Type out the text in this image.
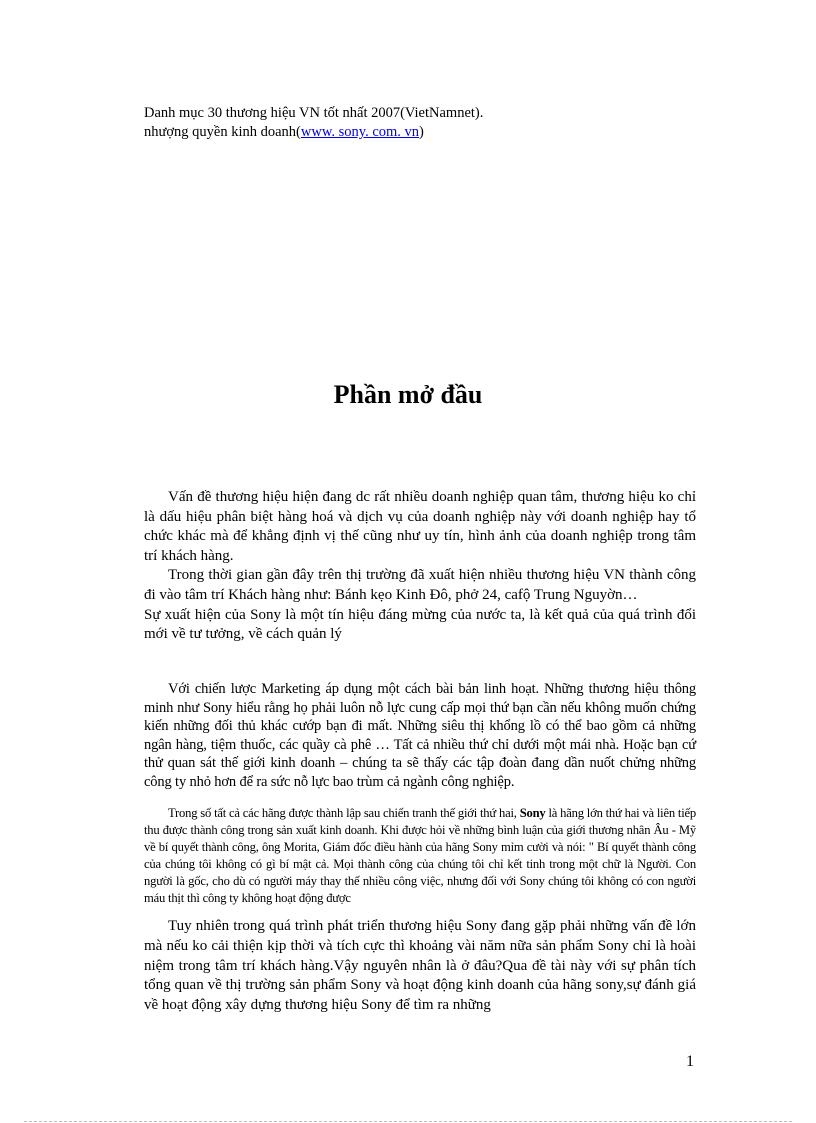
Danh mục 30 thương hiệu VN tốt nhất 2007(VietNamnet).
nhượng quyền kinh doanh(www. sony. com. vn)
Phần mở đầu

Vấn đề thương hiệu hiện đang dc rất nhiều doanh nghiệp quan tâm, thương hiệu ko chỉ là dấu hiệu phân biệt hàng hoá và dịch vụ của doanh nghiệp này với doanh nghiệp hay tổ chức khác mà để khẳng định vị thế cũng như uy tín, hình ảnh của doanh nghiệp trong tâm trí khách hàng.

Trong thời gian gần đây trên thị trường đã xuất hiện nhiều thương hiệu VN thành công đi vào tâm trí Khách hàng như: Bánh kẹo Kinh Đô, phở 24, cafộ Trung Nguyờn…

Sự xuất hiện của Sony là một tín hiệu đáng mừng của nước ta, là kết quả của quá trình đổi mới về tư tưởng, về cách quản lý

Với chiến lược Marketing áp dụng một cách bài bản linh hoạt. Những thương hiệu thông minh như Sony hiểu rằng họ phải luôn nỗ lực cung cấp mọi thứ bạn cần nếu không muốn chứng kiến những đối thủ khác cướp bạn đi mất. Những siêu thị khổng lồ có thể bao gồm cả những ngân hàng, tiệm thuốc, các quầy cà phê … Tất cả nhiều thứ chỉ dưới một mái nhà. Hoặc bạn cứ thử quan sát thế giới kinh doanh – chúng ta sẽ thấy các tập đoàn đang dần nuốt chửng những công ty nhỏ hơn để ra sức nỗ lực bao trùm cả ngành công nghiệp.

Trong số tất cả các hãng được thành lập sau chiến tranh thế giới thứ hai, Sony là hãng lớn thứ hai và liên tiếp thu được thành công trong sản xuất kinh doanh. Khi được hỏi về những bình luận của giới thương nhân Âu - Mỹ về bí quyết thành công, ông Morita, Giám đốc điều hành của hãng Sony mỉm cười và nói: " Bí quyết thành công của chúng tôi không có gì bí mật cả. Mọi thành công của chúng tôi chỉ kết tinh trong một chữ là Người. Con người là gốc, cho dù có người máy thay thế nhiều công việc, nhưng đối với Sony chúng tôi không có con người máu thịt thì công ty không hoạt động được

Tuy nhiên trong quá trình phát triển thương hiệu Sony đang gặp phải những vấn đề lớn mà nếu ko cải thiện kịp thời và tích cực thì khoảng vài năm nữa sản phẩm Sony chỉ là hoài niệm trong tâm trí khách hàng.Vậy nguyên nhân là ở đâu?Qua đề tài này với sự phân tích tổng quan về thị trường sản phẩm Sony và hoạt động kinh doanh của hãng sony,sự đánh giá về hoạt động xây dựng thương hiệu Sony để tìm ra những

1
